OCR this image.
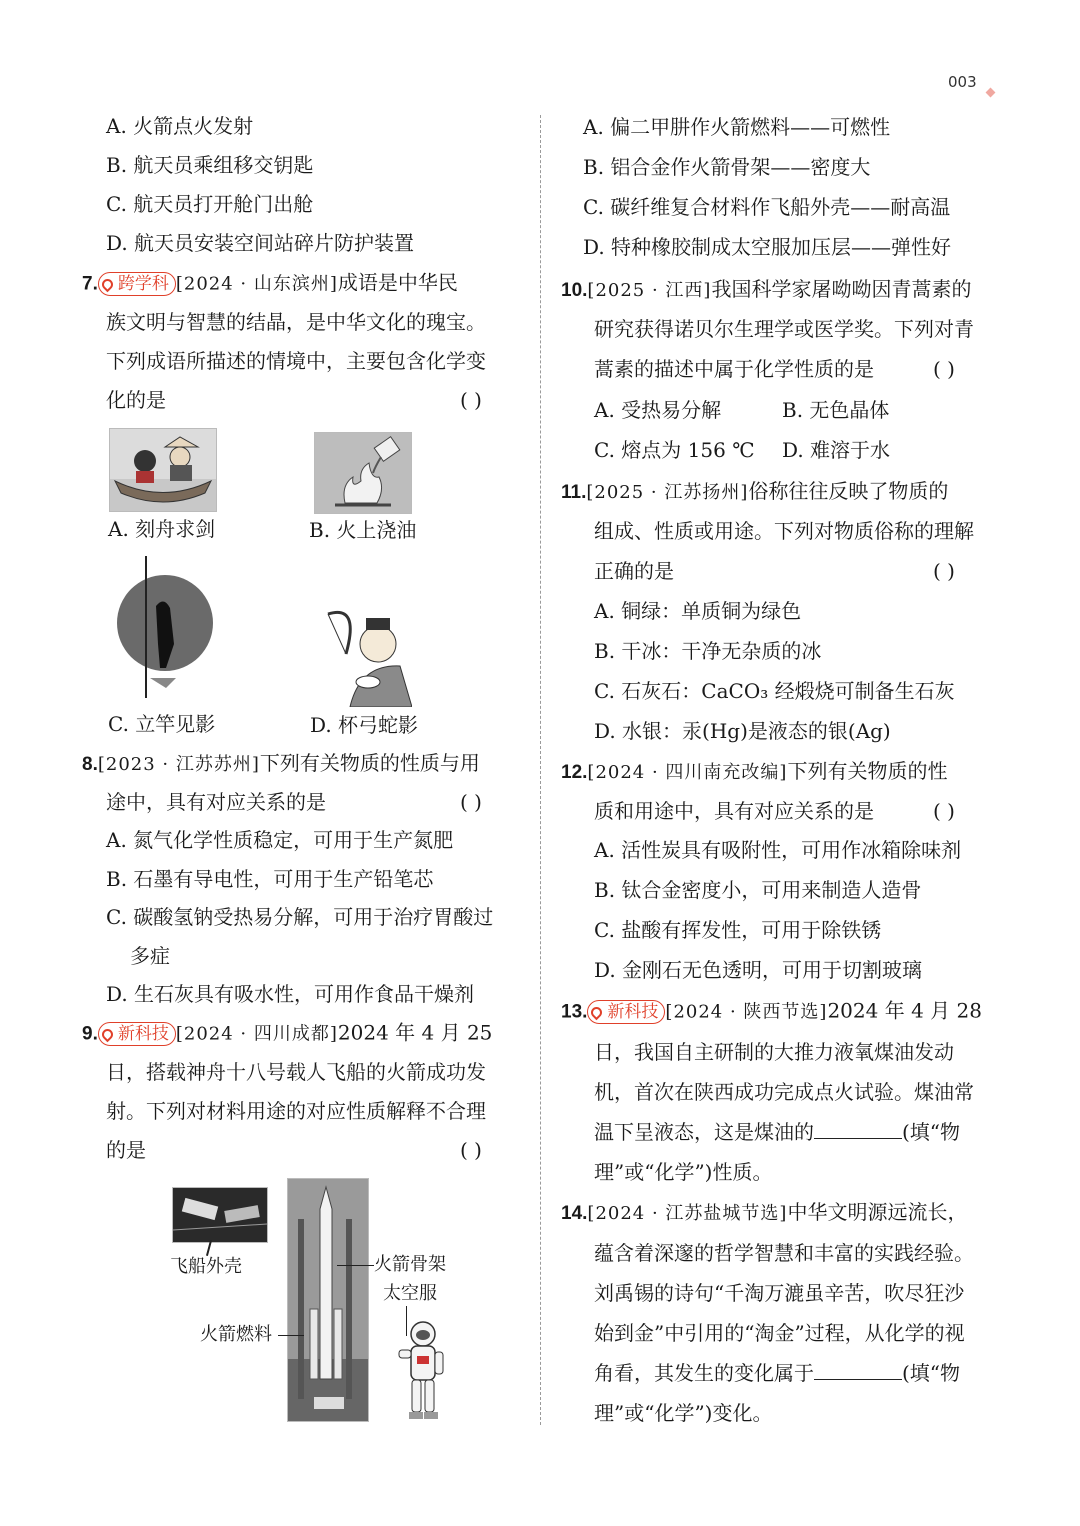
003
A. 火箭点火发射
B. 航天员乘组移交钥匙
C. 航天员打开舱门出舱
D. 航天员安装空间站碎片防护装置
7. 跨学科 [2024 · 山东滨州]成语是中华民
族文明与智慧的结晶，是中华文化的瑰宝。
下列成语所描述的情境中，主要包含化学变
化的是	( )
A. 刻舟求剑	B. 火上浇油
C. 立竿见影	D. 杯弓蛇影
8.[2023 · 江苏苏州]下列有关物质的性质与用
途中，具有对应关系的是	( )
A. 氮气化学性质稳定，可用于生产氮肥
B. 石墨有导电性，可用于生产铅笔芯
C. 碳酸氢钠受热易分解，可用于治疗胃酸过
多症
D. 生石灰具有吸水性，可用作食品干燥剂
9. 新科技 [2024 · 四川成都]2024 年 4 月 25
日，搭载神舟十八号载人飞船的火箭成功发
射。下列对材料用途的对应性质解释不合理
的是	( )
飞船外壳	火箭骨架
太空服
火箭燃料
A. 偏二甲肼作火箭燃料——可燃性
B. 铝合金作火箭骨架——密度大
C. 碳纤维复合材料作飞船外壳——耐高温
D. 特种橡胶制成太空服加压层——弹性好
10.[2025 · 江西]我国科学家屠呦呦因青蒿素的
研究获得诺贝尔生理学或医学奖。下列对青
蒿素的描述中属于化学性质的是	( )
A. 受热易分解	B. 无色晶体
C. 熔点为 156 ℃ D. 难溶于水
11.[2025 · 江苏扬州]俗称往往反映了物质的
组成、性质或用途。下列对物质俗称的理解
正确的是	( )
A. 铜绿：单质铜为绿色
B. 干冰：干净无杂质的冰
C. 石灰石：CaCO₃ 经煅烧可制备生石灰
D. 水银：汞(Hg)是液态的银(Ag)
12.[2024 · 四川南充改编]下列有关物质的性
质和用途中，具有对应关系的是	( )
A. 活性炭具有吸附性，可用作冰箱除味剂
B. 钛合金密度小，可用来制造人造骨
C. 盐酸有挥发性，可用于除铁锈
D. 金刚石无色透明，可用于切割玻璃
13. 新科技 [2024 · 陕西节选]2024 年 4 月 28
日，我国自主研制的大推力液氧煤油发动
机，首次在陕西成功完成点火试验。煤油常
温下呈液态，这是煤油的	(填“物
理”或“化学”)性质。
14.[2024 · 江苏盐城节选]中华文明源远流长，
蕴含着深邃的哲学智慧和丰富的实践经验。
刘禹锡的诗句“千淘万漉虽辛苦，吹尽狂沙
始到金”中引用的“淘金”过程，从化学的视
角看，其发生的变化属于	(填“物
理”或“化学”)变化。
